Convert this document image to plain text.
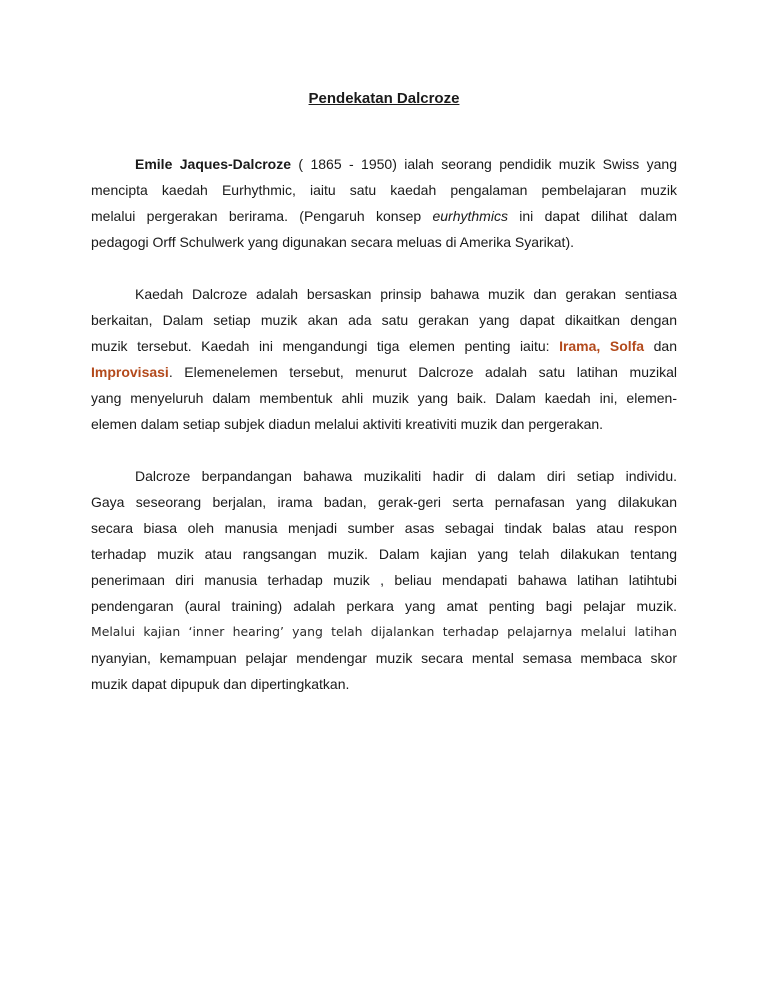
Pendekatan Dalcroze
Emile Jaques-Dalcroze ( 1865 - 1950) ialah seorang pendidik muzik Swiss yang
mencipta kaedah Eurhythmic, iaitu satu kaedah pengalaman pembelajaran muzik
melalui pergerakan berirama. (Pengaruh konsep eurhythmics ini dapat dilihat dalam
pedagogi Orff Schulwerk yang digunakan secara meluas di Amerika Syarikat).
Kaedah Dalcroze adalah bersaskan prinsip bahawa muzik dan gerakan sentiasa
berkaitan, Dalam setiap muzik akan ada satu gerakan yang dapat dikaitkan dengan
muzik tersebut. Kaedah ini mengandungi tiga elemen penting iaitu: Irama, Solfa dan
Improvisasi. Elemenelemen tersebut, menurut Dalcroze adalah satu latihan muzikal
yang menyeluruh dalam membentuk ahli muzik yang baik. Dalam kaedah ini, elemen-
elemen dalam setiap subjek diadun melalui aktiviti kreativiti muzik dan pergerakan.
Dalcroze berpandangan bahawa muzikaliti hadir di dalam diri setiap individu.
Gaya seseorang berjalan, irama badan, gerak-geri serta pernafasan yang dilakukan
secara biasa oleh manusia menjadi sumber asas sebagai tindak balas atau respon
terhadap muzik atau rangsangan muzik. Dalam kajian yang telah dilakukan tentang
penerimaan diri manusia terhadap muzik , beliau mendapati bahawa latihan latihtubi
pendengaran (aural training) adalah perkara yang amat penting bagi pelajar muzik.
Melalui kajian ‘inner hearing’ yang telah dijalankan terhadap pelajarnya melalui latihan
nyanyian, kemampuan pelajar mendengar muzik secara mental semasa membaca skor
muzik dapat dipupuk dan dipertingkatkan.
